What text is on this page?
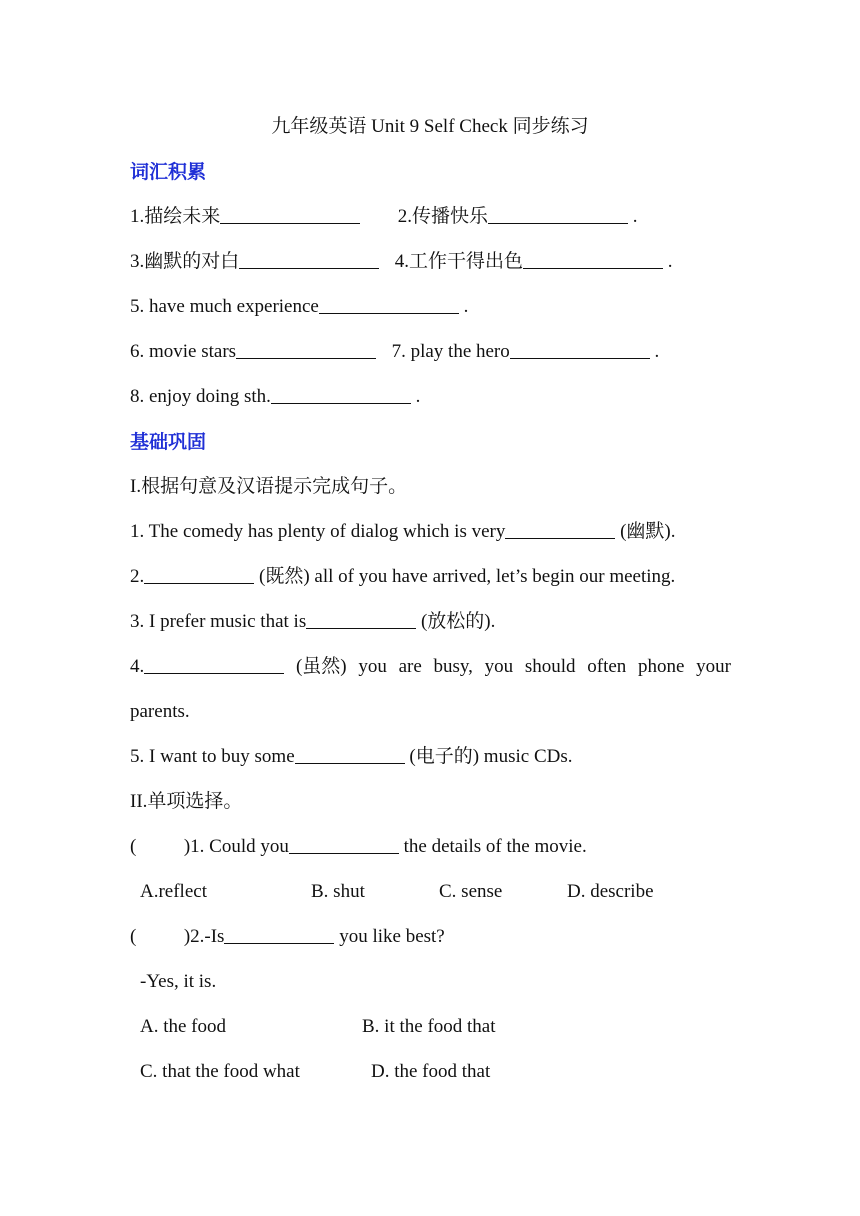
九年级英语 Unit 9 Self Check 同步练习
词汇积累
1.描绘未来	2.传播快乐	.
3.幽默的对白	4.工作干得出色	.
5. have much experience	.
6. movie stars	7. play the hero	.
8. enjoy doing sth.	.
基础巩固
I.根据句意及汉语提示完成句子。
1. The comedy has plenty of dialog which is very	(幽默).
2.	(既然) all of you have arrived, let’s begin our meeting.
3. I prefer music that is	(放松的).
4.	(虽然) you are busy, you should often phone your
parents.
5. I want to buy some	(电子的) music CDs.
II.单项选择。
(          )1. Could you	the details of the movie.
A.reflect	B. shut	C. sense	D. describe
(          )2.-Is	you like best?
-Yes, it is.
A. the food	B. it the food that
C. that the food what	D. the food that
